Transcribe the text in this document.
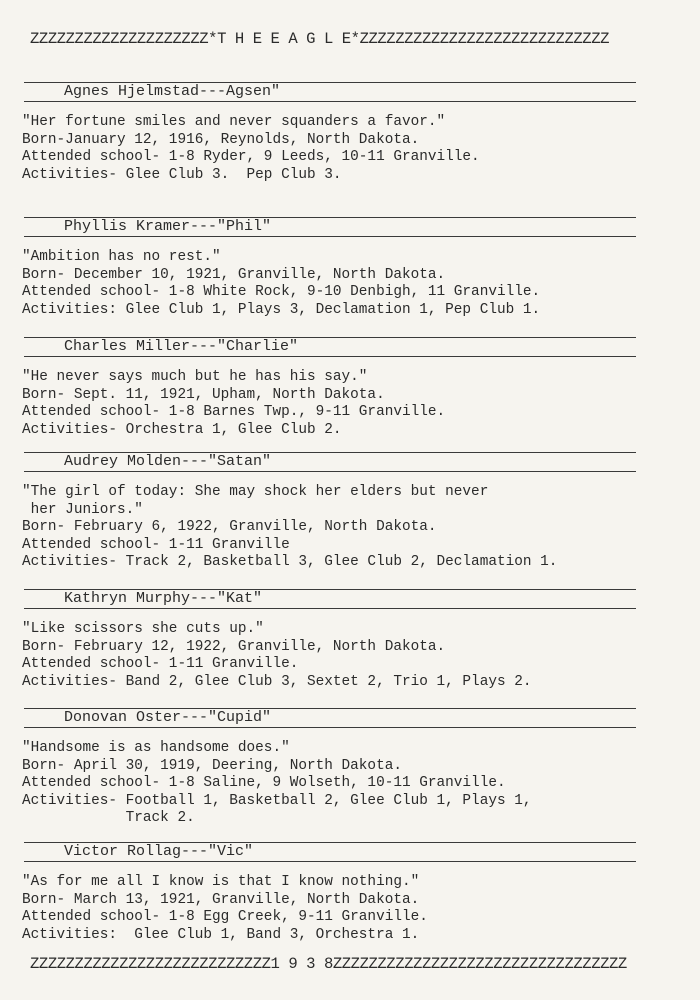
ZZZZZZZZZZZZZZZZZZZZ*T H E E A G L E*ZZZZZZZZZZZZZZZZZZZZZZZZZZZZ
Agnes Hjelmstad---Agsen"
"Her fortune smiles and never squanders a favor."
Born-January 12, 1916, Reynolds, North Dakota.
Attended school- 1-8 Ryder, 9 Leeds, 10-11 Granville.
Activities- Glee Club 3.  Pep Club 3.
Phyllis Kramer---"Phil"
"Ambition has no rest."
Born- December 10, 1921, Granville, North Dakota.
Attended school- 1-8 White Rock, 9-10 Denbigh, 11 Granville.
Activities: Glee Club 1, Plays 3, Declamation 1, Pep Club 1.
Charles Miller---"Charlie"
"He never says much but he has his say."
Born- Sept. 11, 1921, Upham, North Dakota.
Attended school- 1-8 Barnes Twp., 9-11 Granville.
Activities- Orchestra 1, Glee Club 2.
Audrey Molden---"Satan"
"The girl of today: She may shock her elders but never
her Juniors."
Born- February 6, 1922, Granville, North Dakota.
Attended school- 1-11 Granville
Activities- Track 2, Basketball 3, Glee Club 2, Declamation 1.
Kathryn Murphy---"Kat"
"Like scissors she cuts up."
Born- February 12, 1922, Granville, North Dakota.
Attended school- 1-11 Granville.
Activities- Band 2, Glee Club 3, Sextet 2, Trio 1, Plays 2.
Donovan Oster---"Cupid"
"Handsome is as handsome does."
Born- April 30, 1919, Deering, North Dakota.
Attended school- 1-8 Saline, 9 Wolseth, 10-11 Granville.
Activities- Football 1, Basketball 2, Glee Club 1, Plays 1,
Track 2.
Victor Rollag---"Vic"
"As for me all I know is that I know nothing."
Born- March 13, 1921, Granville, North Dakota.
Attended school- 1-8 Egg Creek, 9-11 Granville.
Activities:  Glee Club 1, Band 3, Orchestra 1.
ZZZZZZZZZZZZZZZZZZZZZZZZZZZ1 9 3 8ZZZZZZZZZZZZZZZZZZZZZZZZZZZZZZZZZ
